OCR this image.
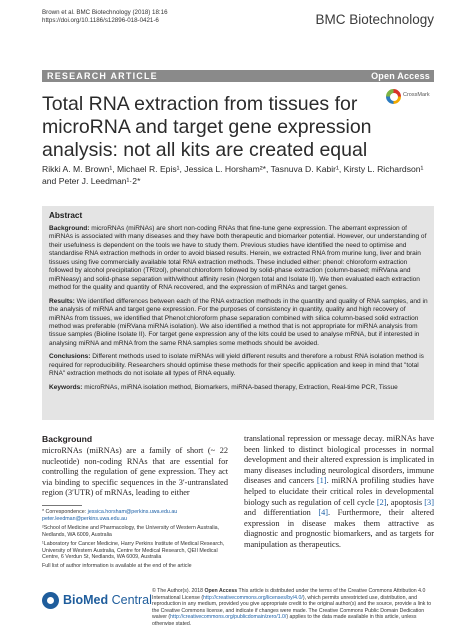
Brown et al. BMC Biotechnology (2018) 18:16
https://doi.org/10.1186/s12896-018-0421-6	BMC Biotechnology
RESEARCH ARTICLE	Open Access
CrossMark
Total RNA extraction from tissues for microRNA and target gene expression analysis: not all kits are created equal
Rikki A. M. Brown¹, Michael R. Epis¹, Jessica L. Horsham²*, Tasnuva D. Kabir¹, Kirsty L. Richardson¹ and Peter J. Leedman¹·2*
Abstract

Background: microRNAs (miRNAs) are short non-coding RNAs that fine-tune gene expression. The aberrant expression of miRNAs is associated with many diseases and they have both therapeutic and biomarker potential. However, our understanding of their usefulness is dependent on the tools we have to study them. Previous studies have identified the need to optimise and standardise RNA extraction methods in order to avoid biased results. Herein, we extracted RNA from murine lung, liver and brain tissues using five commercially available total RNA extraction methods. These included either: phenol: chloroform extraction followed by alcohol precipitation (TRIzol), phenol:chloroform followed by solid-phase extraction (column-based; miRVana and miRNeasy) and solid-phase separation with/without affinity resin (Norgen total and Isolate II). We then evaluated each extraction method for the quality and quantity of RNA recovered, and the expression of miRNAs and target genes.

Results: We identified differences between each of the RNA extraction methods in the quantity and quality of RNA samples, and in the analysis of miRNA and target gene expression. For the purposes of consistency in quantity, quality and high recovery of miRNAs from tissues, we identified that Phenol:chloroform phase separation combined with silica column-based solid extraction method was preferable (miRVana miRNA isolation). We also identified a method that is not appropriate for miRNA analysis from tissue samples (Bioline Isolate II). For target gene expression any of the kits could be used to analyse mRNA, but if interested in analysing miRNA and mRNA from the same RNA samples some methods should be avoided.

Conclusions: Different methods used to isolate miRNAs will yield different results and therefore a robust RNA isolation method is required for reproducibility. Researchers should optimise these methods for their specific application and keep in mind that "total RNA" extraction methods do not isolate all types of RNA equally.

Keywords: microRNAs, miRNA isolation method, Biomarkers, miRNA-based therapy, Extraction, Real-time PCR, Tissue

Background
microRNAs (miRNAs) are a family of short (~ 22 nucleotide) non-coding RNAs that are essential for controlling the regulation of gene expression. They act via binding to specific sequences in the 3′-untranslated region (3′UTR) of mRNAs, leading to either
translational repression or message decay. miRNAs have been linked to distinct biological processes in normal development and their altered expression is implicated in many diseases including neurological disorders, immune diseases and cancers [1]. miRNA profiling studies have helped to elucidate their critical roles in developmental biology such as regulation of cell cycle [2], apoptosis [3] and differentiation [4]. Furthermore, their altered expression in disease makes them attractive as diagnostic and prognostic biomarkers, and as targets for manipulation as therapeutics.

* Correspondence: jessica.horsham@perkins.uwa.edu.au
peter.leedman@perkins.uwa.edu.au

²School of Medicine and Pharmacology, the University of Western Australia, Nedlands, WA 6009, Australia

¹Laboratory for Cancer Medicine, Harry Perkins Institute of Medical Research, University of Western Australia, Centre for Medical Research, QEII Medical Centre, 6 Verdun St, Nedlands, WA 6009, Australia

Full list of author information is available at the end of the article

BioMed Central
© The Author(s). 2018 Open Access This article is distributed under the terms of the Creative Commons Attribution 4.0 International License (http://creativecommons.org/licenses/by/4.0/), which permits unrestricted use, distribution, and reproduction in any medium, provided you give appropriate credit to the original author(s) and the source, provide a link to the Creative Commons license, and indicate if changes were made. The Creative Commons Public Domain Dedication waiver (http://creativecommons.org/publicdomain/zero/1.0/) applies to the data made available in this article, unless otherwise stated.
